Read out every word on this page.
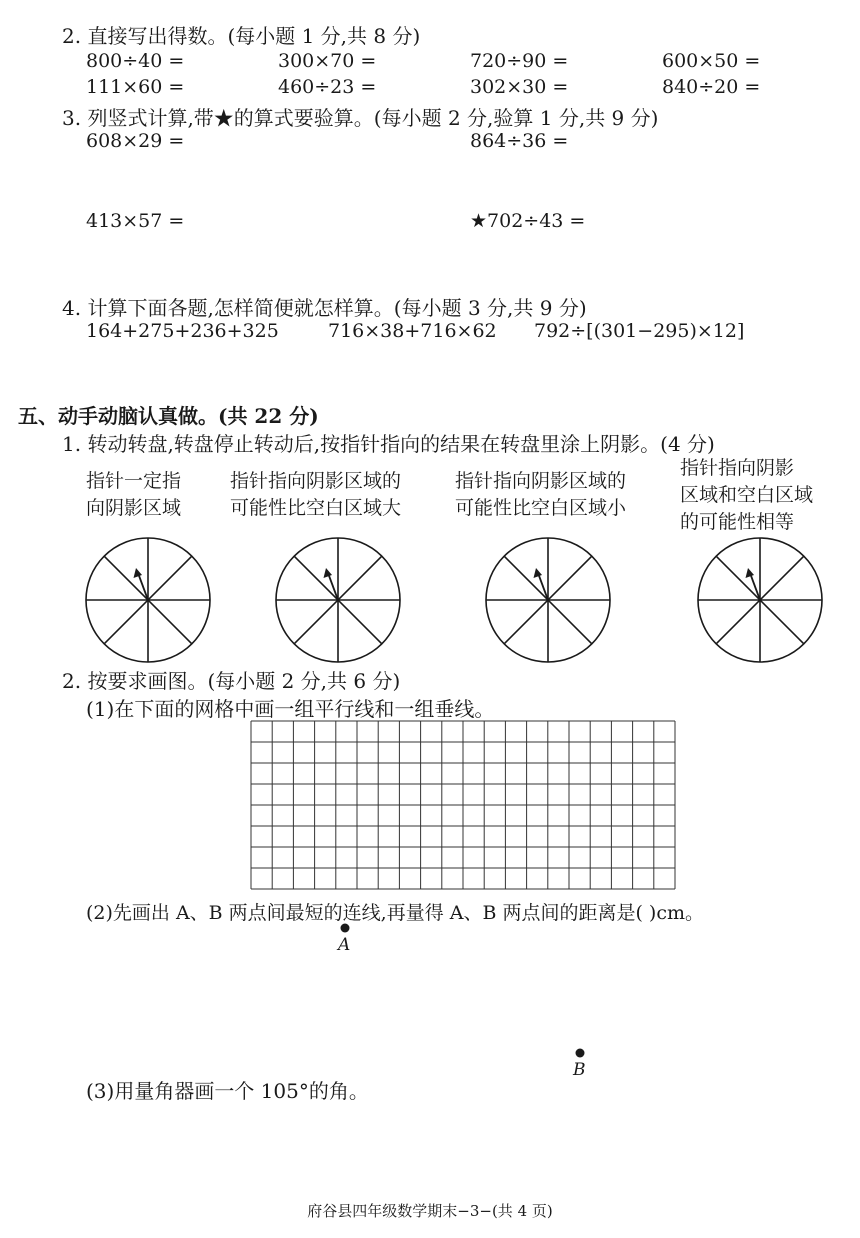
2. 直接写出得数。(每小题 1 分,共 8 分)
800÷40 =	300×70 =	720÷90 =	600×50 =
111×60 =	460÷23 =	302×30 =	840÷20 =
3. 列竖式计算,带★的算式要验算。(每小题 2 分,验算 1 分,共 9 分)
608×29 =	864÷36 =
413×57 =	★702÷43 =
4. 计算下面各题,怎样简便就怎样算。(每小题 3 分,共 9 分)
164+275+236+325	716×38+716×62 792÷[(301−295)×12]
五、动手动脑认真做。(共 22 分)
1. 转动转盘,转盘停止转动后,按指针指向的结果在转盘里涂上阴影。(4 分)
指针一定指
向阴影区域
指针指向阴影区域的
可能性比空白区域大
指针指向阴影区域的
可能性比空白区域小
指针指向阴影
区域和空白区域
的可能性相等
2. 按要求画图。(每小题 2 分,共 6 分)
(1)在下面的网格中画一组平行线和一组垂线。
(2)先画出 A、B 两点间最短的连线,再量得 A、B 两点间的距离是( )cm。
A
B
(3)用量角器画一个 105°的角。
府谷县四年级数学期末−3−(共 4 页)
